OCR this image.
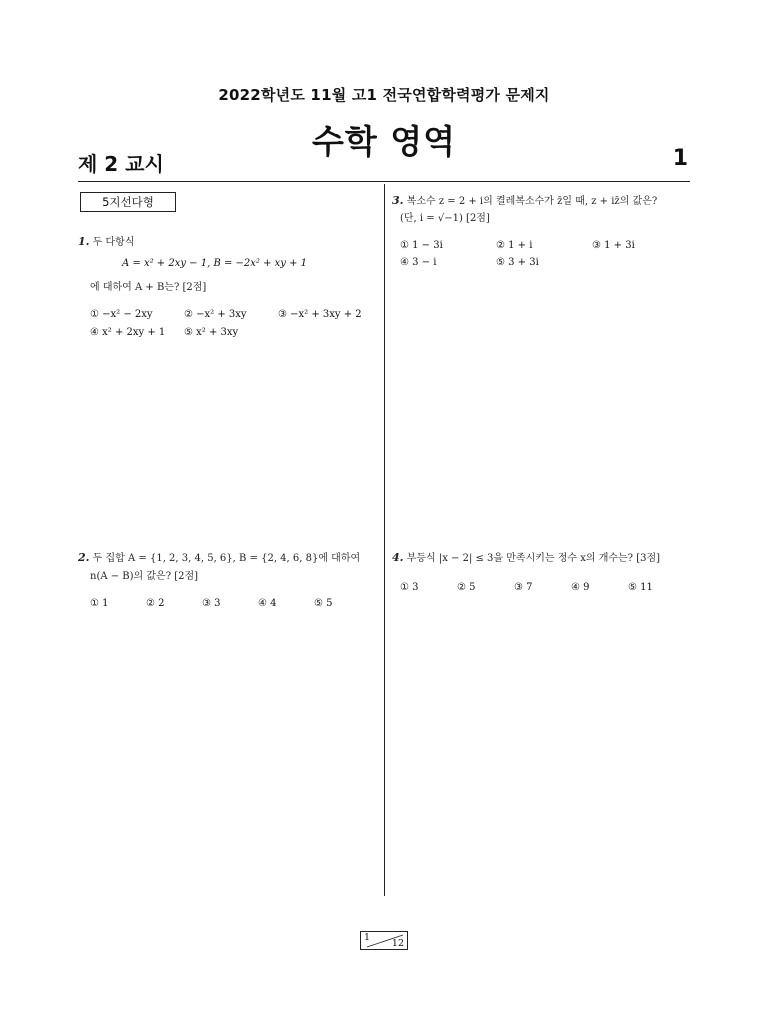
2022학년도 11월 고1 전국연합학력평가 문제지
수학 영역
제 2 교시	1
5지선다형
1. 두 다항식
A = x² + 2xy − 1, B = −2x² + xy + 1
에 대하여 A + B는? [2점]
① −x² − 2xy	② −x² + 3xy	③ −x² + 3xy + 2
④ x² + 2xy + 1 ⑤ x² + 3xy
2. 두 집합 A = {1, 2, 3, 4, 5, 6}, B = {2, 4, 6, 8}에 대하여
n(A − B)의 값은? [2점]
① 1	② 2	③ 3	④ 4	⑤ 5
3. 복소수 z = 2 + i의 켤레복소수가 z̄일 때, z + iz̄의 값은?
(단, i = √−1) [2점]
① 1 − 3i	② 1 + i	③ 1 + 3i
④ 3 − i	⑤ 3 + 3i
4. 부등식 |x − 2| ≤ 3을 만족시키는 정수 x의 개수는? [3점]
① 3	② 5	③ 7	④ 9	⑤ 11
1
12
